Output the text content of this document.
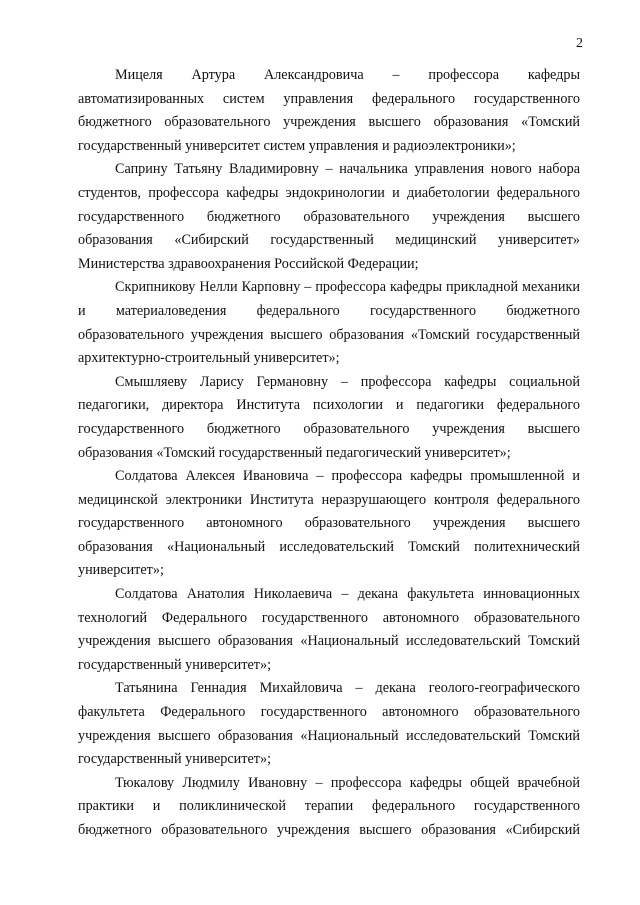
2

Мицеля Артура Александровича – профессора кафедры автоматизированных систем управления федерального государственного бюджетного образовательного учреждения высшего образования «Томский государственный университет систем управления и радиоэлектроники»;

Саприну Татьяну Владимировну – начальника управления нового набора студентов, профессора кафедры эндокринологии и диабетологии федерального государственного бюджетного образовательного учреждения высшего образования «Сибирский государственный медицинский университет» Министерства здравоохранения Российской Федерации;

Скрипникову Нелли Карповну – профессора кафедры прикладной механики и материаловедения федерального государственного бюджетного образовательного учреждения высшего образования «Томский государственный архитектурно-строительный университет»;

Смышляеву Ларису Германовну – профессора кафедры социальной педагогики, директора Института психологии и педагогики федерального государственного бюджетного образовательного учреждения высшего образования «Томский государственный педагогический университет»;

Солдатова Алексея Ивановича – профессора кафедры промышленной и медицинской электроники Института неразрушающего контроля федерального государственного автономного образовательного учреждения высшего образования «Национальный исследовательский Томский политехнический университет»;

Солдатова Анатолия Николаевича – декана факультета инновационных технологий Федерального государственного автономного образовательного учреждения высшего образования «Национальный исследовательский Томский государственный университет»;

Татьянина Геннадия Михайловича – декана геолого-географического факультета Федерального государственного автономного образовательного учреждения высшего образования «Национальный исследовательский Томский государственный университет»;

Тюкалову Людмилу Ивановну – профессора кафедры общей врачебной практики и поликлинической терапии федерального государственного бюджетного образовательного учреждения высшего образования «Сибирский
